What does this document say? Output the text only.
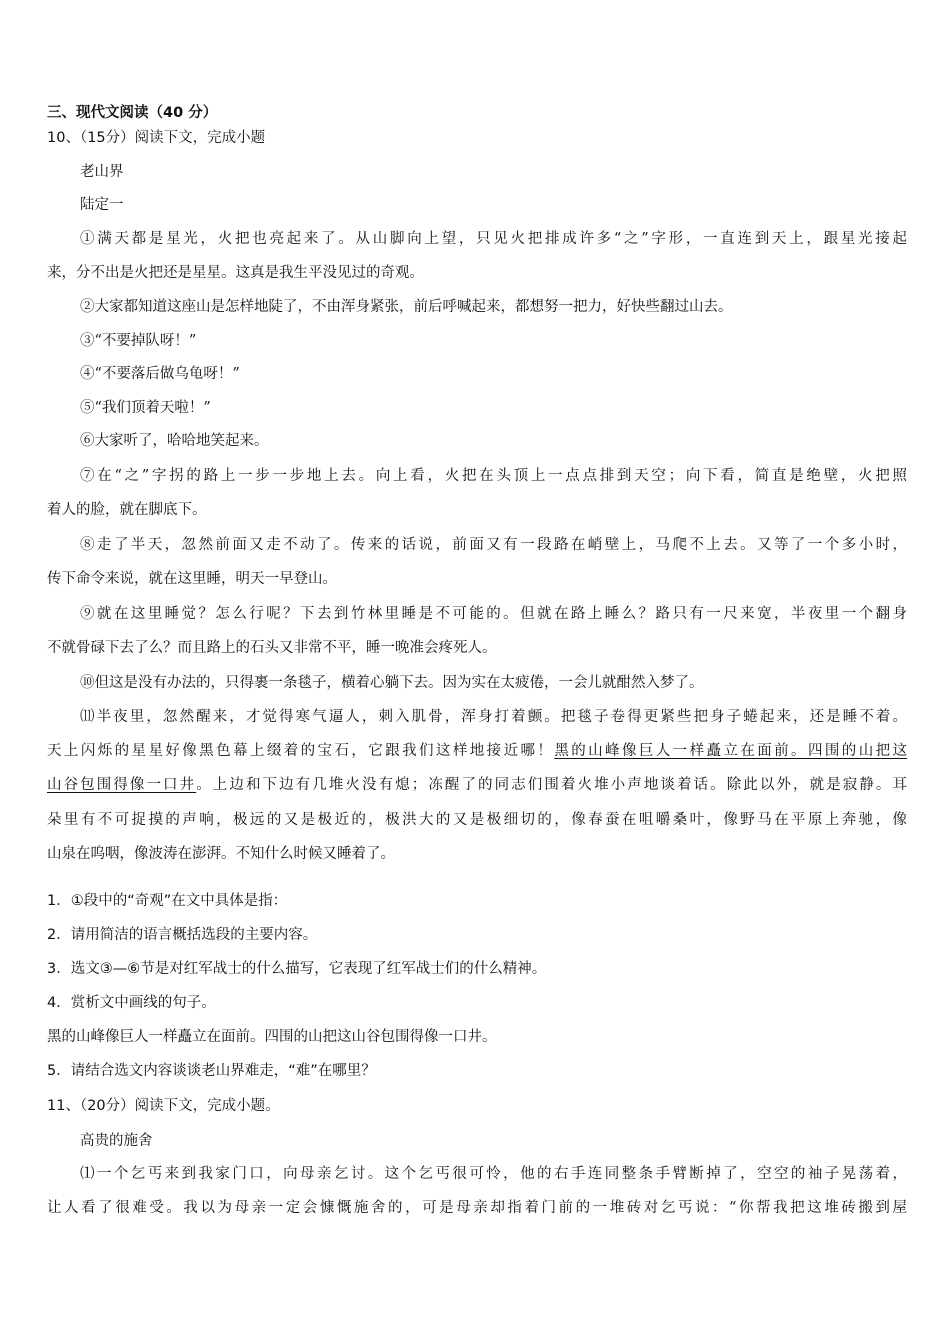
三、现代文阅读（40 分）
10、（15分）阅读下文，完成小题
老山界
陆定一
①满天都是星光，火把也亮起来了。从山脚向上望，只见火把排成许多“之”字形，一直连到天上，跟星光接起
来，分不出是火把还是星星。这真是我生平没见过的奇观。
②大家都知道这座山是怎样地陡了，不由浑身紧张，前后呼喊起来，都想努一把力，好快些翻过山去。
③“不要掉队呀！”
④“不要落后做乌龟呀！”
⑤“我们顶着天啦！”
⑥大家听了，哈哈地笑起来。
⑦在“之”字拐的路上一步一步地上去。向上看，火把在头顶上一点点排到天空；向下看，简直是绝壁，火把照
着人的脸，就在脚底下。
⑧走了半天，忽然前面又走不动了。传来的话说，前面又有一段路在峭壁上，马爬不上去。又等了一个多小时，
传下命令来说，就在这里睡，明天一早登山。
⑨就在这里睡觉？怎么行呢？下去到竹林里睡是不可能的。但就在路上睡么？路只有一尺来宽，半夜里一个翻身
不就骨碌下去了么？而且路上的石头又非常不平，睡一晚准会疼死人。
⑩但这是没有办法的，只得裹一条毯子，横着心躺下去。因为实在太疲倦，一会儿就酣然入梦了。
⑾半夜里，忽然醒来，才觉得寒气逼人，刺入肌骨，浑身打着颤。把毯子卷得更紧些把身子蜷起来，还是睡不着。
天上闪烁的星星好像黑色幕上缀着的宝石，它跟我们这样地接近哪！黑的山峰像巨人一样矗立在面前。四围的山把这
山谷包围得像一口井。上边和下边有几堆火没有熄；冻醒了的同志们围着火堆小声地谈着话。除此以外，就是寂静。耳
朵里有不可捉摸的声响，极远的又是极近的，极洪大的又是极细切的，像春蚕在咀嚼桑叶，像野马在平原上奔驰，像
山泉在呜咽，像波涛在澎湃。不知什么时候又睡着了。
1．①段中的“奇观”在文中具体是指：
2．请用简洁的语言概括选段的主要内容。
3．选文③—⑥节是对红军战士的什么描写，它表现了红军战士们的什么精神。
4．赏析文中画线的句子。
黑的山峰像巨人一样矗立在面前。四围的山把这山谷包围得像一口井。
5．请结合选文内容谈谈老山界难走，“难”在哪里？
11、（20分）阅读下文，完成小题。
高贵的施舍
⑴一个乞丐来到我家门口，向母亲乞讨。这个乞丐很可怜，他的右手连同整条手臂断掉了，空空的袖子晃荡着，
让人看了很难受。我以为母亲一定会慷慨施舍的，可是母亲却指着门前的一堆砖对乞丐说：“你帮我把这堆砖搬到屋
